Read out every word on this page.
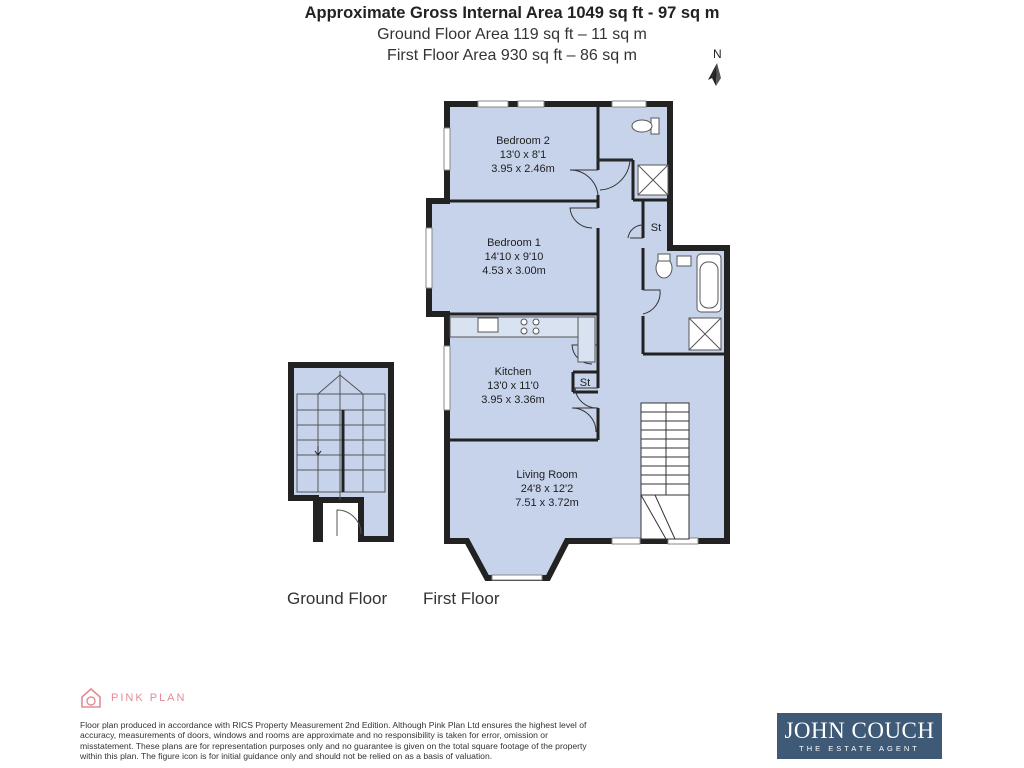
Approximate Gross Internal Area 1049 sq ft - 97 sq m
Ground Floor Area 119 sq ft – 11 sq m
First Floor Area 930 sq ft – 86 sq m	N
Bedroom 2
13'0 x 8'1
3.95 x 2.46m
Bedroom 1
14'10 x 9'10
4.53 x 3.00m
Kitchen
13'0 x 11'0
3.95 x 3.36m
Living Room
24'8 x 12'2
7.51 x 3.72m
St
St
Ground Floor First Floor
PINK PLAN
Floor plan produced in accordance with RICS Property Measurement 2nd Edition. Although Pink Plan Ltd ensures the highest level of accuracy, measurements of doors, windows and rooms are approximate and no responsibility is taken for error, omission or misstatement. These plans are for representation purposes only and no guarantee is given on the total square footage of the property within this plan. The figure icon is for initial guidance only and should not be relied on as a basis of valuation.
JOHN COUCH
THE ESTATE AGENT
